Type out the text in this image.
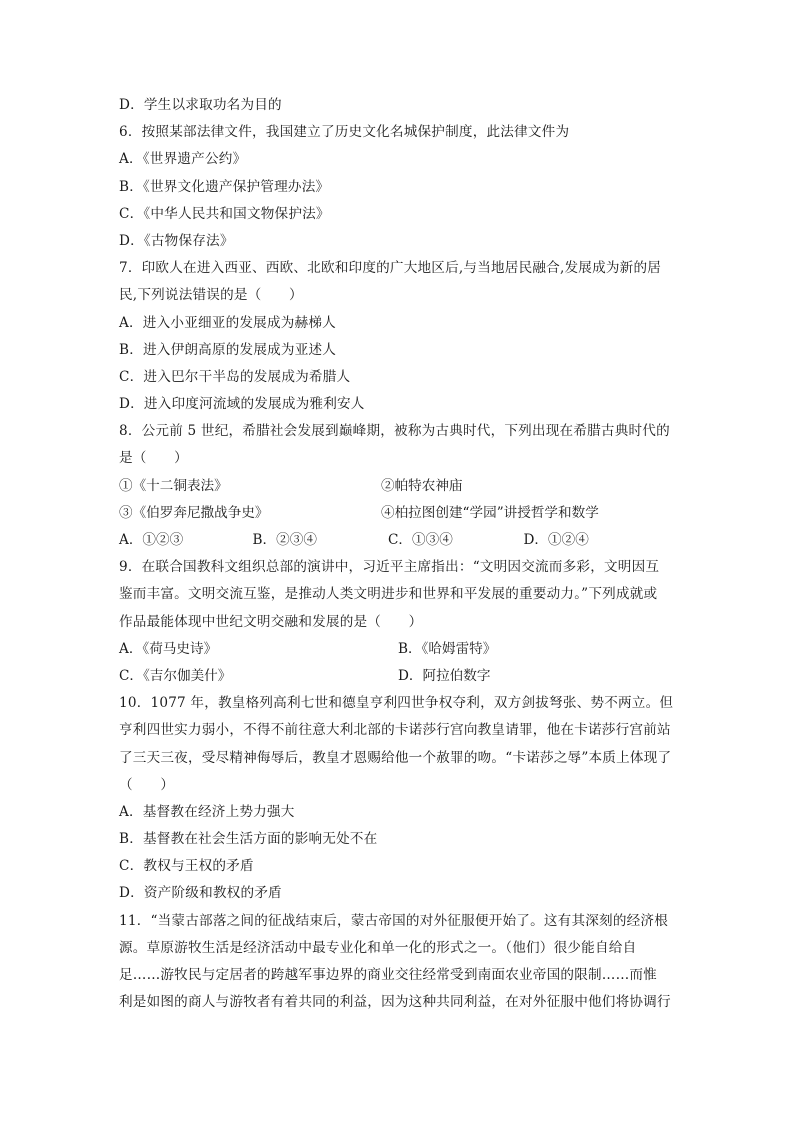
D．学生以求取功名为目的
6．按照某部法律文件，我国建立了历史文化名城保护制度，此法律文件为
A．《世界遗产公约》
B．《世界文化遗产保护管理办法》
C．《中华人民共和国文物保护法》
D．《古物保存法》
7．印欧人在进入西亚、西欧、北欧和印度的广大地区后,与当地居民融合,发展成为新的居
民,下列说法错误的是（　　）
A．进入小亚细亚的发展成为赫梯人
B．进入伊朗高原的发展成为亚述人
C．进入巴尔干半岛的发展成为希腊人
D．进入印度河流域的发展成为雅利安人
8．公元前 5 世纪，希腊社会发展到巅峰期，被称为古典时代，下列出现在希腊古典时代的
是（　　）
①《十二铜表法》	②帕特农神庙
③《伯罗奔尼撒战争史》	④柏拉图创建“学园”讲授哲学和数学
A．①②③	B．②③④	C．①③④	D．①②④
9．在联合国教科文组织总部的演讲中，习近平主席指出：“文明因交流而多彩，文明因互
鉴而丰富。文明交流互鉴，是推动人类文明进步和世界和平发展的重要动力。”下列成就或
作品最能体现中世纪文明交融和发展的是（　　）
A．《荷马史诗》	B．《哈姆雷特》
C．《吉尔伽美什》	D．阿拉伯数字
10．1077 年，教皇格列高利七世和德皇亨利四世争权夺利，双方剑拔弩张、势不两立。但
亨利四世实力弱小，不得不前往意大利北部的卡诺莎行宫向教皇请罪，他在卡诺莎行宫前站
了三天三夜，受尽精神侮辱后，教皇才恩赐给他一个赦罪的吻。“卡诺莎之辱”本质上体现了
（　　）
A．基督教在经济上势力强大
B．基督教在社会生活方面的影响无处不在
C．教权与王权的矛盾
D．资产阶级和教权的矛盾
11．“当蒙古部落之间的征战结束后，蒙古帝国的对外征服便开始了。这有其深刻的经济根
源。草原游牧生活是经济活动中最专业化和单一化的形式之一。（他们）很少能自给自
足……游牧民与定居者的跨越军事边界的商业交往经常受到南面农业帝国的限制……而惟
利是如图的商人与游牧者有着共同的利益，因为这种共同利益，在对外征服中他们将协调行
